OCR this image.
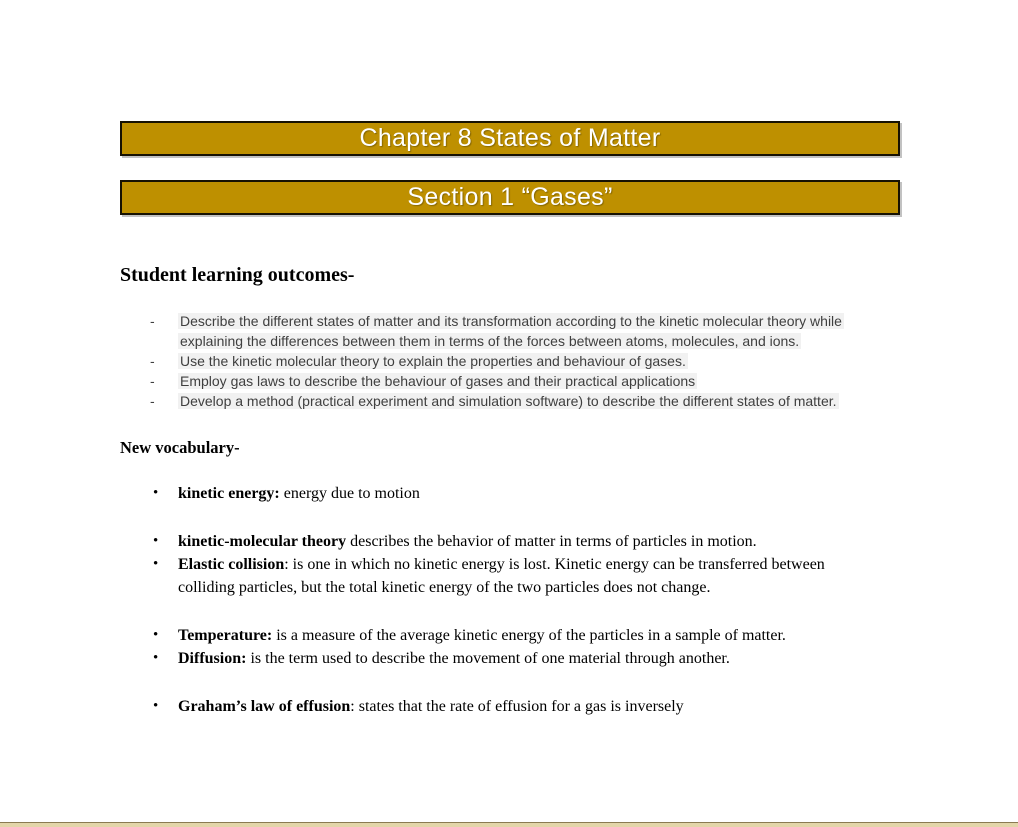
Chapter 8 States of Matter
Section 1 “Gases”
Student learning outcomes-
-	Describe the different states of matter and its transformation according to the kinetic molecular theory while explaining the differences between them in terms of the forces between atoms, molecules, and ions.
-	Use the kinetic molecular theory to explain the properties and behaviour of gases.
-	Employ gas laws to describe the behaviour of gases and their practical applications
-	Develop a method (practical experiment and simulation software) to describe the different states of matter.
New vocabulary-
•	kinetic energy: energy due to motion
•	kinetic-molecular theory describes the behavior of matter in terms of particles in motion.
•	Elastic collision: is one in which no kinetic energy is lost. Kinetic energy can be transferred between colliding particles, but the total kinetic energy of the two particles does not change.
•	Temperature: is a measure of the average kinetic energy of the particles in a sample of matter.
•	Diffusion: is the term used to describe the movement of one material through another.
•	Graham’s law of effusion: states that the rate of effusion for a gas is inversely
